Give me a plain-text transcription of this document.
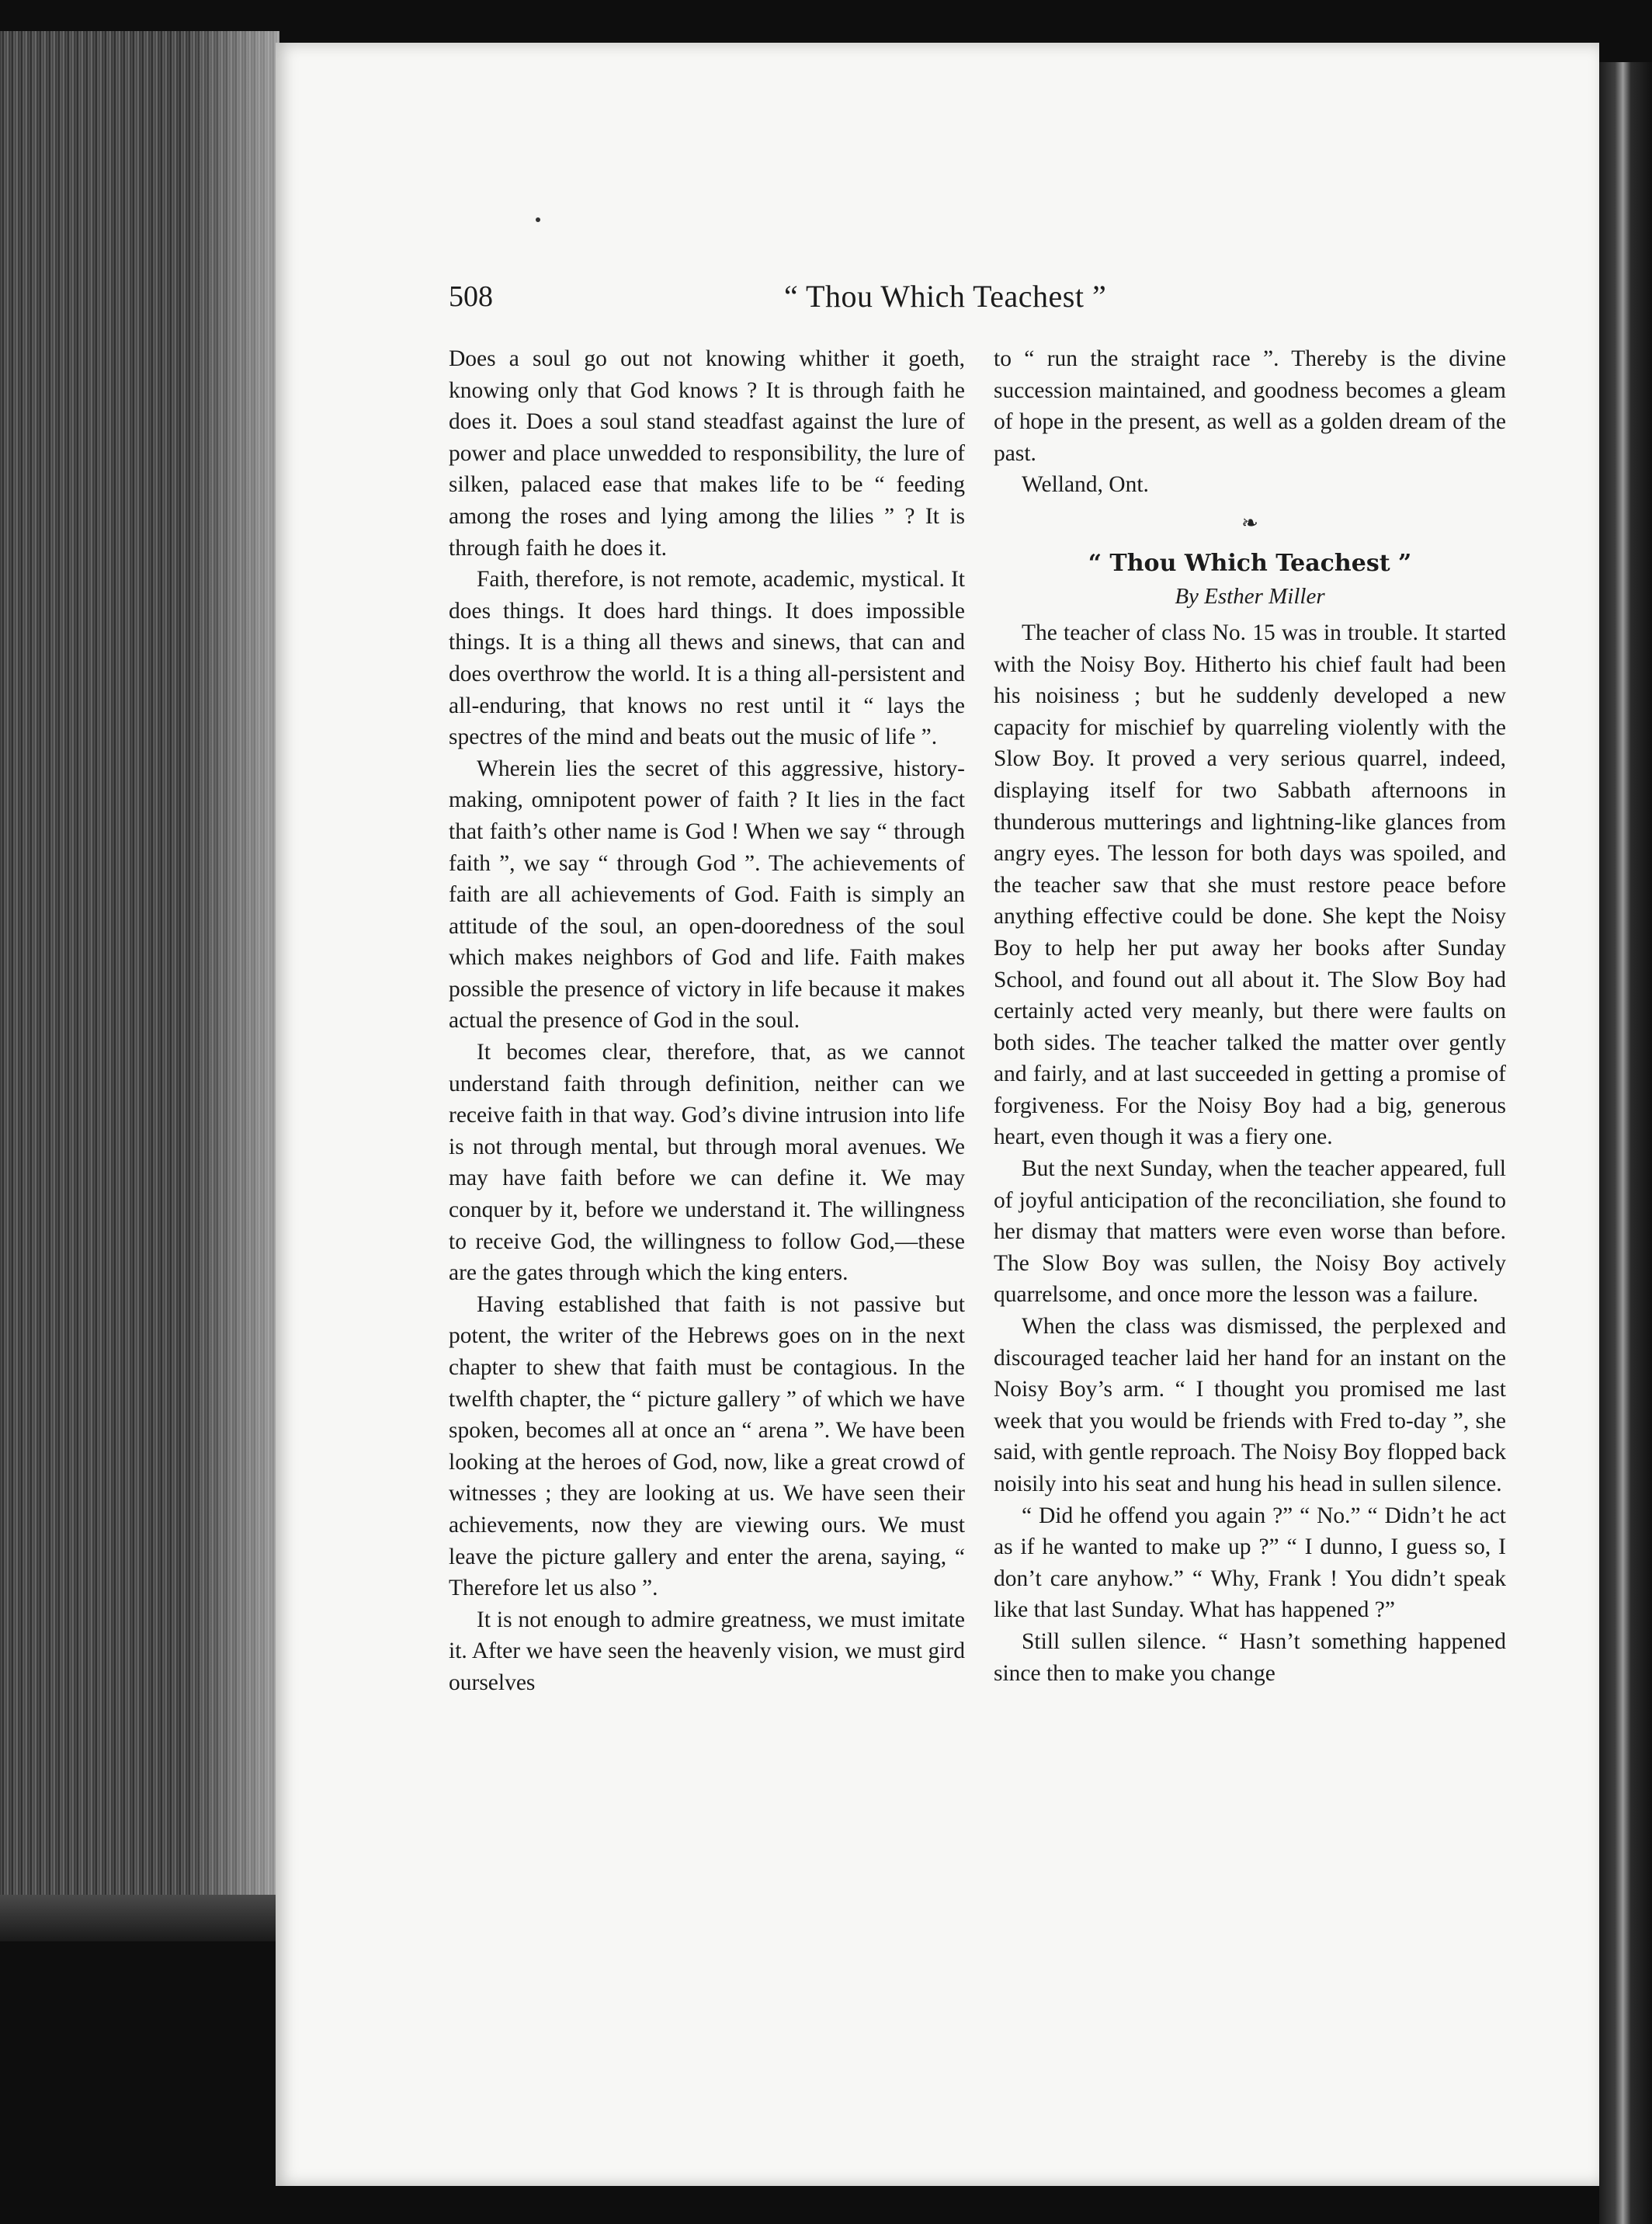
508	“ Thou Which Teachest ”

Does a soul go out not knowing whither it goeth, knowing only that God knows ? It is through faith he does it. Does a soul stand steadfast against the lure of power and place unwedded to responsibility, the lure of silken, palaced ease that makes life to be “ feeding among the roses and lying among the lilies ” ? It is through faith he does it.

Faith, therefore, is not remote, academic, mystical. It does things. It does hard things. It does impossible things. It is a thing all thews and sinews, that can and does overthrow the world. It is a thing all-persistent and all-enduring, that knows no rest until it “ lays the spectres of the mind and beats out the music of life ”.

Wherein lies the secret of this aggressive, history-making, omnipotent power of faith ? It lies in the fact that faith’s other name is God ! When we say “ through faith ”, we say “ through God ”. The achievements of faith are all achievements of God. Faith is simply an attitude of the soul, an open-dooredness of the soul which makes neighbors of God and life. Faith makes possible the presence of victory in life because it makes actual the presence of God in the soul.

It becomes clear, therefore, that, as we cannot understand faith through definition, neither can we receive faith in that way. God’s divine intrusion into life is not through mental, but through moral avenues. We may have faith before we can define it. We may conquer by it, before we understand it. The willingness to receive God, the willingness to follow God,—these are the gates through which the king enters.

Having established that faith is not passive but potent, the writer of the Hebrews goes on in the next chapter to shew that faith must be contagious. In the twelfth chapter, the “ picture gallery ” of which we have spoken, becomes all at once an “ arena ”. We have been looking at the heroes of God, now, like a great crowd of witnesses ; they are looking at us. We have seen their achievements, now they are viewing ours. We must leave the picture gallery and enter the arena, saying, “ Therefore let us also ”.

It is not enough to admire greatness, we must imitate it. After we have seen the heavenly vision, we must gird ourselves

to “ run the straight race ”. Thereby is the divine succession maintained, and goodness becomes a gleam of hope in the present, as well as a golden dream of the past.

Welland, Ont.

❧
“ Thou Which Teachest ”
By Esther Miller

The teacher of class No. 15 was in trouble. It started with the Noisy Boy. Hitherto his chief fault had been his noisiness ; but he suddenly developed a new capacity for mischief by quarreling violently with the Slow Boy. It proved a very serious quarrel, indeed, displaying itself for two Sabbath afternoons in thunderous mutterings and lightning-like glances from angry eyes. The lesson for both days was spoiled, and the teacher saw that she must restore peace before anything effective could be done. She kept the Noisy Boy to help her put away her books after Sunday School, and found out all about it. The Slow Boy had certainly acted very meanly, but there were faults on both sides. The teacher talked the matter over gently and fairly, and at last succeeded in getting a promise of forgiveness. For the Noisy Boy had a big, generous heart, even though it was a fiery one.

But the next Sunday, when the teacher appeared, full of joyful anticipation of the reconciliation, she found to her dismay that matters were even worse than before. The Slow Boy was sullen, the Noisy Boy actively quarrelsome, and once more the lesson was a failure.

When the class was dismissed, the perplexed and discouraged teacher laid her hand for an instant on the Noisy Boy’s arm. “ I thought you promised me last week that you would be friends with Fred to-day ”, she said, with gentle reproach. The Noisy Boy flopped back noisily into his seat and hung his head in sullen silence.

“ Did he offend you again ?” “ No.” “ Didn’t he act as if he wanted to make up ?” “ I dunno, I guess so, I don’t care anyhow.” “ Why, Frank ! You didn’t speak like that last Sunday. What has happened ?”

Still sullen silence. “ Hasn’t something happened since then to make you change
